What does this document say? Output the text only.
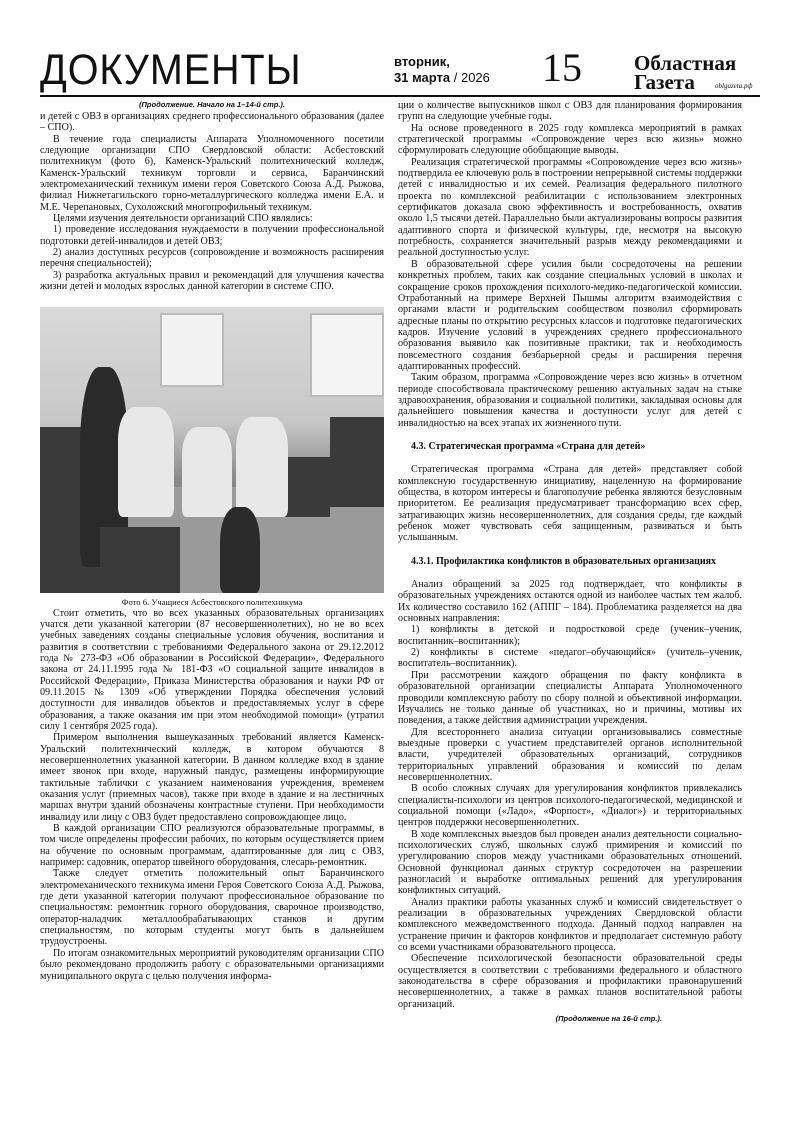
ДОКУМЕНТЫ	вторник,
31 марта / 2026 15 Областная
Газета	oblgazeta.рф
(Продолжение. Начало на 1–14-й стр.).

и детей с ОВЗ в организациях среднего профессионального образования (далее – СПО).

В течение года специалисты Аппарата Уполномоченного посетили следующие организации СПО Свердловской области: Асбестовский политехникум (фото 6), Каменск-Уральский политехнический колледж, Каменск-Уральский техникум торговли и сервиса, Баранчинский электромеханический техникум имени героя Советского Союза А.Д. Рыжова, филиал Нижнетагильского горно-металлургического колледжа имени Е.А. и М.Е. Черепановых, Сухоложский многопрофильный техникум.

Целями изучения деятельности организаций СПО являлись:

1) проведение исследования нуждаемости в получении профессиональной подготовки детей-инвалидов и детей ОВЗ;

2) анализ доступных ресурсов (сопровождение и возможность расширения перечня специальностей);

3) разработка актуальных правил и рекомендаций для улучшения качества жизни детей и молодых взрослых данной категории в системе СПО.

Фото 6. Учащиеся Асбестовского политехникума

Стоит отметить, что во всех указанных образовательных организациях учатся дети указанной категории (87 несовершеннолетних), но не во всех учебных заведениях созданы специальные условия обучения, воспитания и развития в соответствии с требованиями Федерального закона от 29.12.2012 года № 273-ФЗ «Об образовании в Российской Федерации», Федерального закона от 24.11.1995 года № 181-ФЗ «О социальной защите инвалидов в Российской Федерации», Приказа Министерства образования и науки РФ от 09.11.2015 № 1309 «Об утверждении Порядка обеспечения условий доступности для инвалидов объектов и предоставляемых услуг в сфере образования, а также оказания им при этом необходимой помощи» (утратил силу 1 сентября 2025 года).

Примером выполнения вышеуказанных требований является Каменск-Уральский политехнический колледж, в котором обучаются 8 несовершеннолетних указанной категории. В данном колледже вход в здание имеет звонок при входе, наружный пандус, размещены информирующие тактильные таблички с указанием наименования учреждения, временем оказания услуг (приемных часов), также при входе в здание и на лестничных маршах внутри зданий обозначены контрастные ступени. При необходимости инвалиду или лицу с ОВЗ будет предоставлено сопровождающее лицо.

В каждой организации СПО реализуются образовательные программы, в том числе определены профессии рабочих, по которым осуществляется прием на обучение по основным программам, адаптированные для лиц с ОВЗ, например: садовник, оператор швейного оборудования, слесарь-ремонтник.

Также следует отметить положительный опыт Баранчинского электромеханического техникума имени Героя Советского Союза А.Д. Рыжова, где дети указанной категории получают профессиональное образование по специальностям: ремонтник горного оборудования, сварочное производство, оператор-наладчик металлообрабатывающих станков и другим специальностям, по которым студенты могут быть в дальнейшем трудоустроены.

По итогам ознакомительных мероприятий руководителям организации СПО было рекомендовано продолжить работу с образовательными организациями муниципального округа с целью получения информа-

ции о количестве выпускников школ с ОВЗ для планирования формирования групп на следующие учебные годы.

На основе проведенного в 2025 году комплекса мероприятий в рамках стратегической программы «Сопровождение через всю жизнь» можно сформулировать следующие обобщающие выводы.

Реализация стратегической программы «Сопровождение через всю жизнь» подтвердила ее ключевую роль в построении непрерывной системы поддержки детей с инвалидностью и их семей. Реализация федерального пилотного проекта по комплексной реабилитации с использованием электронных сертификатов доказала свою эффективность и востребованность, охватив около 1,5 тысячи детей. Параллельно были актуализированы вопросы развития адаптивного спорта и физической культуры, где, несмотря на высокую потребность, сохраняется значительный разрыв между рекомендациями и реальной доступностью услуг.

В образовательной сфере усилия были сосредоточены на решении конкретных проблем, таких как создание специальных условий в школах и сокращение сроков прохождения психолого-медико-педагогической комиссии. Отработанный на примере Верхней Пышмы алгоритм взаимодействия с органами власти и родительским сообществом позволил сформировать адресные планы по открытию ресурсных классов и подготовке педагогических кадров. Изучение условий в учреждениях среднего профессионального образования выявило как позитивные практики, так и необходимость повсеместного создания безбарьерной среды и расширения перечня адаптированных профессий.

Таким образом, программа «Сопровождение через всю жизнь» в отчетном периоде способствовала практическому решению актуальных задач на стыке здравоохранения, образования и социальной политики, закладывая основы для дальнейшего повышения качества и доступности услуг для детей с инвалидностью на всех этапах их жизненного пути.

4.3. Стратегическая программа «Страна для детей»

Стратегическая программа «Страна для детей» представляет собой комплексную государственную инициативу, нацеленную на формирование общества, в котором интересы и благополучие ребенка являются безусловным приоритетом. Ее реализация предусматривает трансформацию всех сфер, затрагивающих жизнь несовершеннолетних, для создания среды, где каждый ребенок может чувствовать себя защищенным, развиваться и быть услышанным.

4.3.1. Профилактика конфликтов в образовательных организациях

Анализ обращений за 2025 год подтверждает, что конфликты в образовательных учреждениях остаются одной из наиболее частых тем жалоб. Их количество составило 162 (АППГ – 184). Проблематика разделяется на два основных направления:

1) конфликты в детской и подростковой среде (ученик–ученик, воспитанник–воспитанник);

2) конфликты в системе «педагог–обучающийся» (учитель–ученик, воспитатель–воспитанник).

При рассмотрении каждого обращения по факту конфликта в образовательной организации специалисты Аппарата Уполномоченного проводили комплексную работу по сбору полной и объективной информации. Изучались не только данные об участниках, но и причины, мотивы их поведения, а также действия администрации учреждения.

Для всестороннего анализа ситуации организовывались совместные выездные проверки с участием представителей органов исполнительной власти, учредителей образовательных организаций, сотрудников территориальных управлений образования и комиссий по делам несовершеннолетних.

В особо сложных случаях для урегулирования конфликтов привлекались специалисты-психологи из центров психолого-педагогической, медицинской и социальной помощи («Ладо», «Форпост», «Диалог») и территориальных центров поддержки несовершеннолетних.

В ходе комплексных выездов был проведен анализ деятельности социально-психологических служб, школьных служб примирения и комиссий по урегулированию споров между участниками образовательных отношений. Основной функционал данных структур сосредоточен на разрешении разногласий и выработке оптимальных решений для урегулирования конфликтных ситуаций.

Анализ практики работы указанных служб и комиссий свидетельствует о реализации в образовательных учреждениях Свердловской области комплексного межведомственного подхода. Данный подход направлен на устранение причин и факторов конфликтов и предполагает системную работу со всеми участниками образовательного процесса.

Обеспечение психологической безопасности образовательной среды осуществляется в соответствии с требованиями федерального и областного законодательства в сфере образования и профилактики правонарушений несовершеннолетних, а также в рамках планов воспитательной работы организаций.

(Продолжение на 16-й стр.).
